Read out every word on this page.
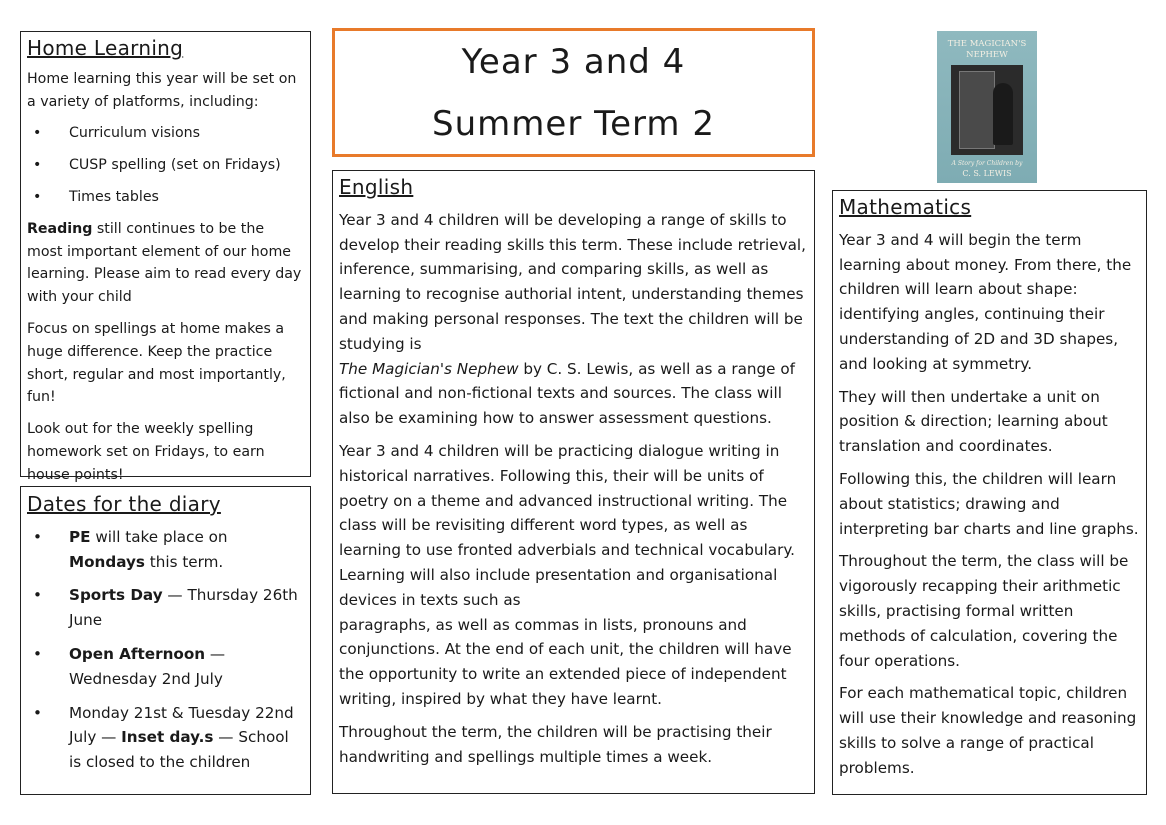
Home Learning

Home learning this year will be set on a variety of platforms, including:

• Curriculum visions
• CUSP spelling (set on Fridays)
• Times tables

Reading still continues to be the most important element of our home learning. Please aim to read every day with your child

Focus on spellings at home makes a huge difference. Keep the practice short, regular and most importantly, fun!

Look out for the weekly spelling homework set on Fridays, to earn house points!

Dates for the diary
• PE will take place on Mondays this term.
• Sports Day — Thursday 26th June
• Open Afternoon — Wednesday 2nd July
• Monday 21st & Tuesday 22nd July — Inset day.s — School is closed to the children
Year 3 and 4
Summer Term 2
THE MAGICIAN'S
NEPHEW
A Story for Children by
C. S. LEWIS
English

Year 3 and 4 children will be developing a range of skills to develop their reading skills this term. These include retrieval, inference, summarising, and comparing skills, as well as learning to recognise authorial intent, understanding themes and making personal responses. The text the children will be studying is
The Magician's Nephew by C. S. Lewis, as well as a range of fictional and non-fictional texts and sources. The class will also be examining how to answer assessment questions.

Year 3 and 4 children will be practicing dialogue writing in historical narratives. Following this, their will be units of poetry on a theme and advanced instructional writing. The class will be revisiting different word types, as well as learning to use fronted adverbials and technical vocabulary. Learning will also include presentation and organisational devices in texts such as

paragraphs, as well as commas in lists, pronouns and conjunctions. At the end of each unit, the children will have the opportunity to write an extended piece of independent writing, inspired by what they have learnt.

Throughout the term, the children will be practising their handwriting and spellings multiple times a week.

Mathematics

Year 3 and 4 will begin the term learning about money. From there, the children will learn about shape: identifying angles, continuing their understanding of 2D and 3D shapes, and looking at symmetry.

They will then undertake a unit on position & direction; learning about translation and coordinates.

Following this, the children will learn about statistics; drawing and interpreting bar charts and line graphs.

Throughout the term, the class will be vigorously recapping their arithmetic skills, practising formal written methods of calculation, covering the four operations.

For each mathematical topic, children will use their knowledge and reasoning skills to solve a range of practical problems.
